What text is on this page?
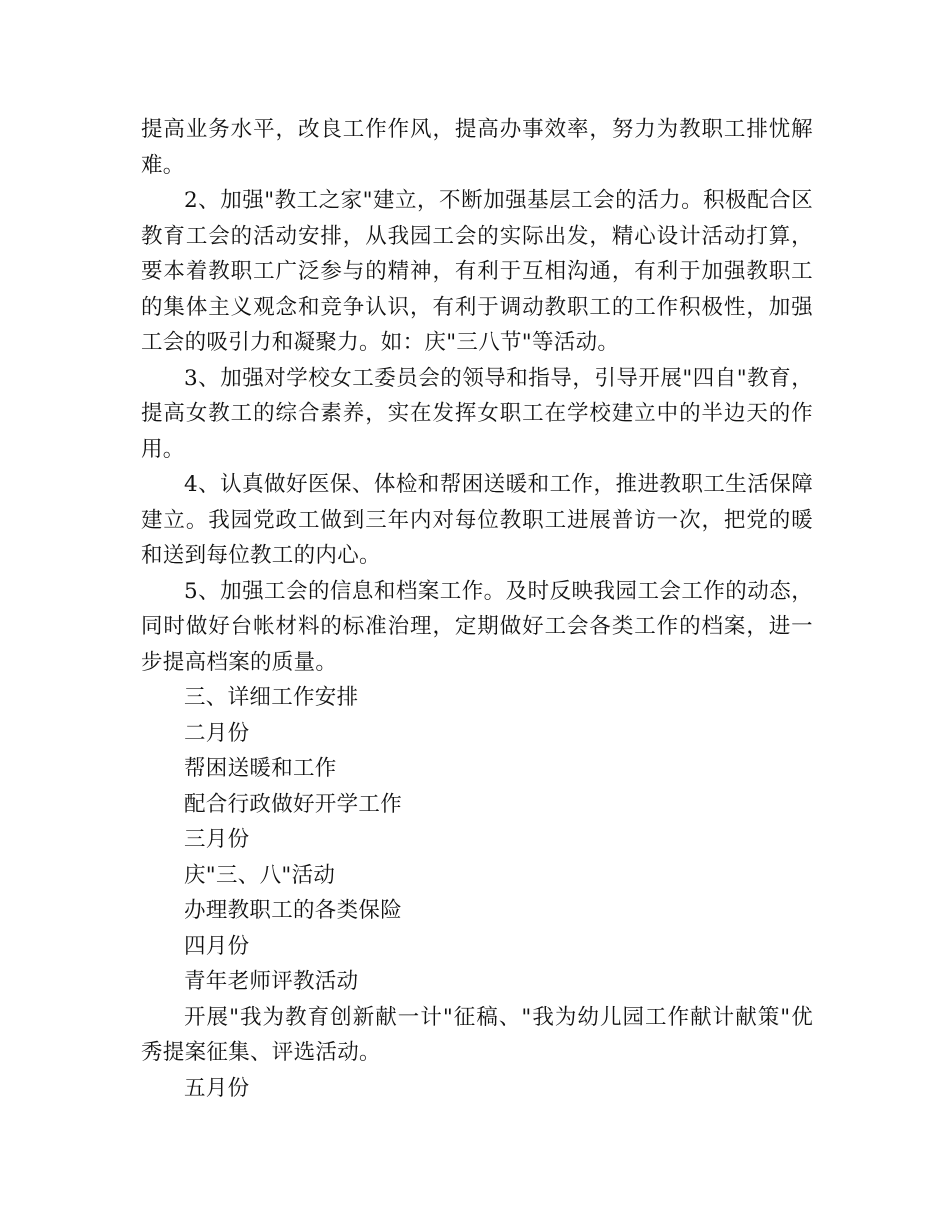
提高业务水平，改良工作作风，提高办事效率，努力为教职工排忧解难。

2、加强"教工之家"建立，不断加强基层工会的活力。积极配合区教育工会的活动安排，从我园工会的实际出发，精心设计活动打算，要本着教职工广泛参与的精神，有利于互相沟通，有利于加强教职工的集体主义观念和竞争认识，有利于调动教职工的工作积极性，加强工会的吸引力和凝聚力。如：庆"三八节"等活动。

3、加强对学校女工委员会的领导和指导，引导开展"四自"教育，提高女教工的综合素养，实在发挥女职工在学校建立中的半边天的作用。

4、认真做好医保、体检和帮困送暖和工作，推进教职工生活保障建立。我园党政工做到三年内对每位教职工进展普访一次，把党的暖和送到每位教工的内心。

5、加强工会的信息和档案工作。及时反映我园工会工作的动态，同时做好台帐材料的标准治理，定期做好工会各类工作的档案，进一步提高档案的质量。

三、详细工作安排

二月份

帮困送暖和工作

配合行政做好开学工作

三月份

庆"三、八"活动

办理教职工的各类保险

四月份

青年老师评教活动

开展"我为教育创新献一计"征稿、"我为幼儿园工作献计献策"优秀提案征集、评选活动。

五月份
